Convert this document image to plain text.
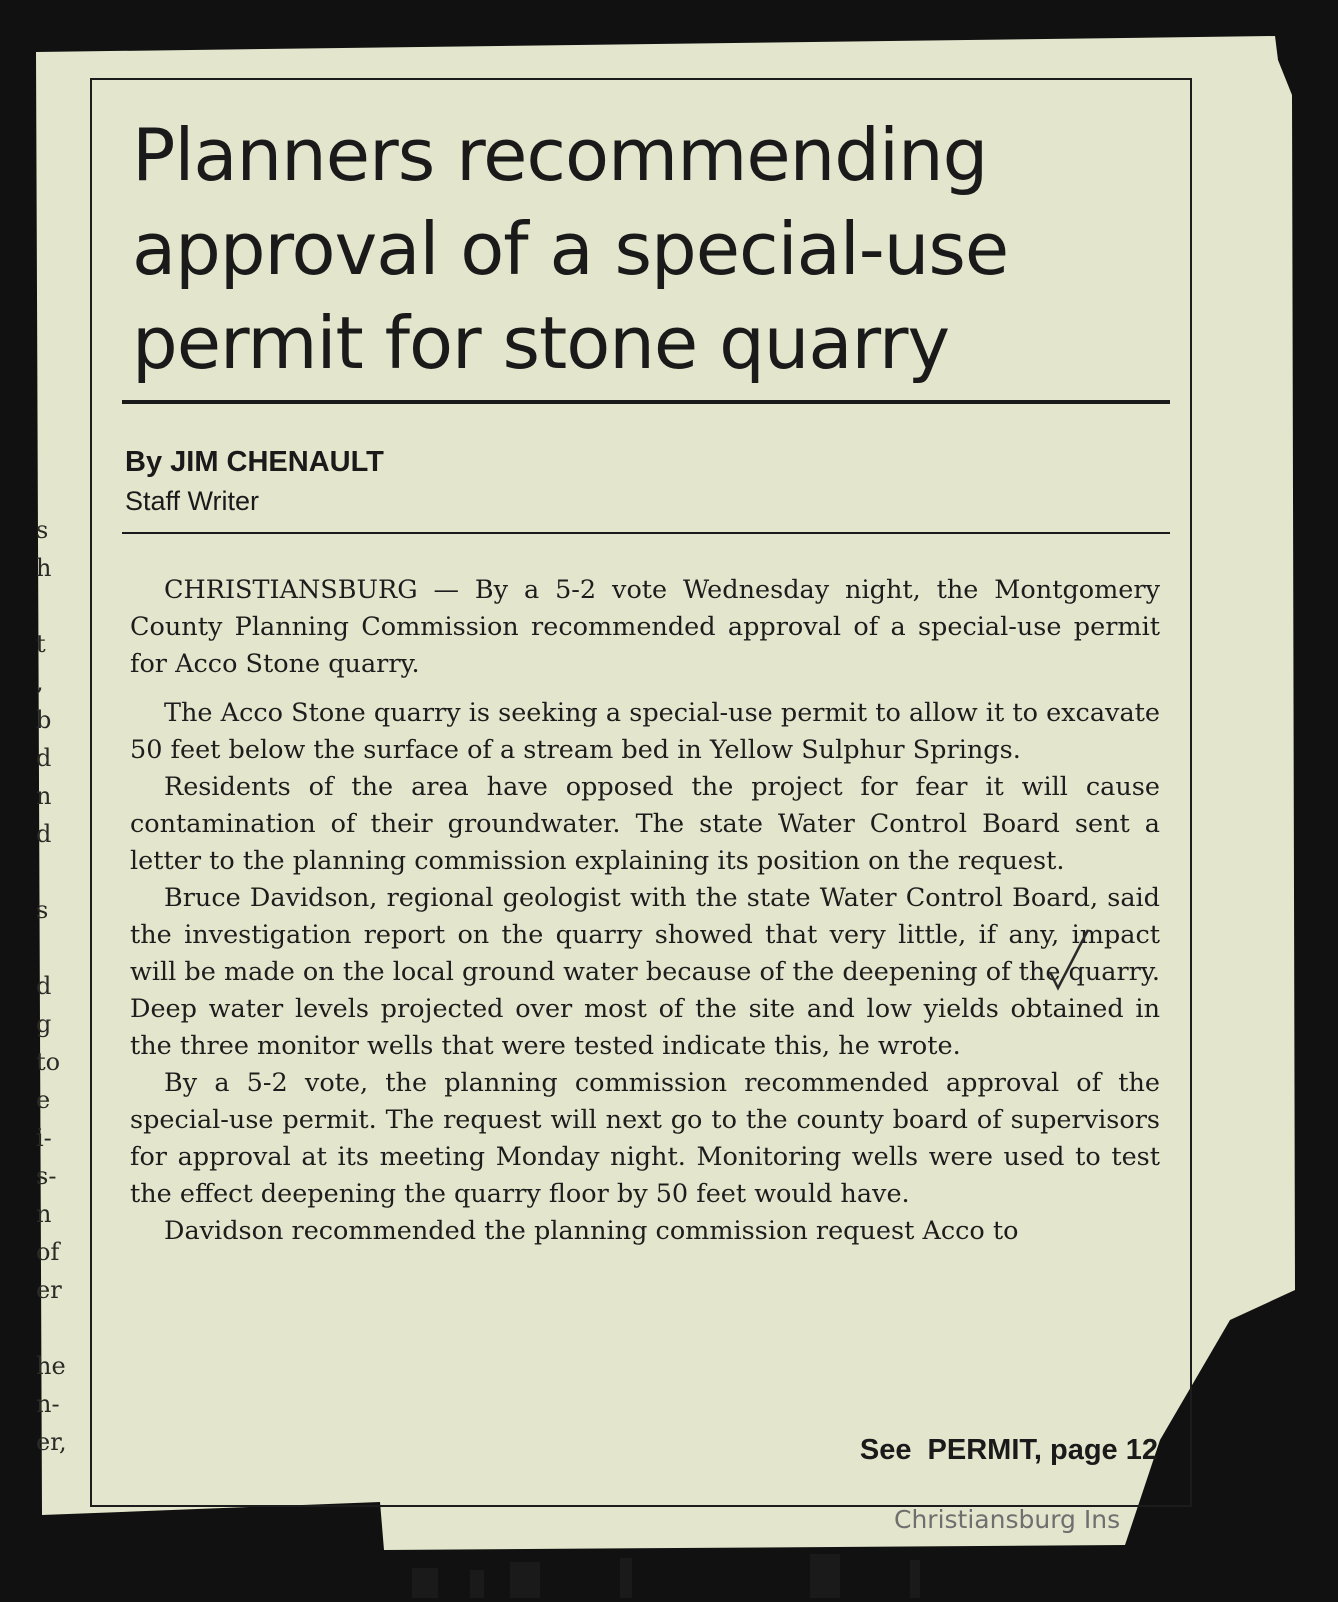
s
h
t
,
b
d
n
d
s
d
g
to
e
i-
s-
n
of
er
he
n-
er,
Planners recommending approval of a special-use permit for stone quarry
By JIM CHENAULT
Staff Writer

CHRISTIANSBURG — By a 5-2 vote Wednesday night, the Montgomery County Planning Commission recommended approval of a special-use permit for Acco Stone quarry.

The Acco Stone quarry is seeking a special-use permit to allow it to excavate 50 feet below the surface of a stream bed in Yellow Sulphur Springs.

Residents of the area have opposed the project for fear it will cause contamination of their groundwater. The state Water Control Board sent a letter to the planning commission explaining its position on the request.

Bruce Davidson, regional geologist with the state Water Control Board, said the investigation report on the quarry showed that very little, if any, impact will be made on the local ground water because of the deepening of the quarry. Deep water levels projected over most of the site and low yields obtained in the three monitor wells that were tested indicate this, he wrote.

By a 5-2 vote, the planning commission recommended approval of the special-use permit. The request will next go to the county board of supervisors for approval at its meeting Monday night. Monitoring wells were used to test the effect deepening the quarry floor by 50 feet would have.

Davidson recommended the planning commission request Acco to

See PERMIT, page 12
Christiansburg Ins
